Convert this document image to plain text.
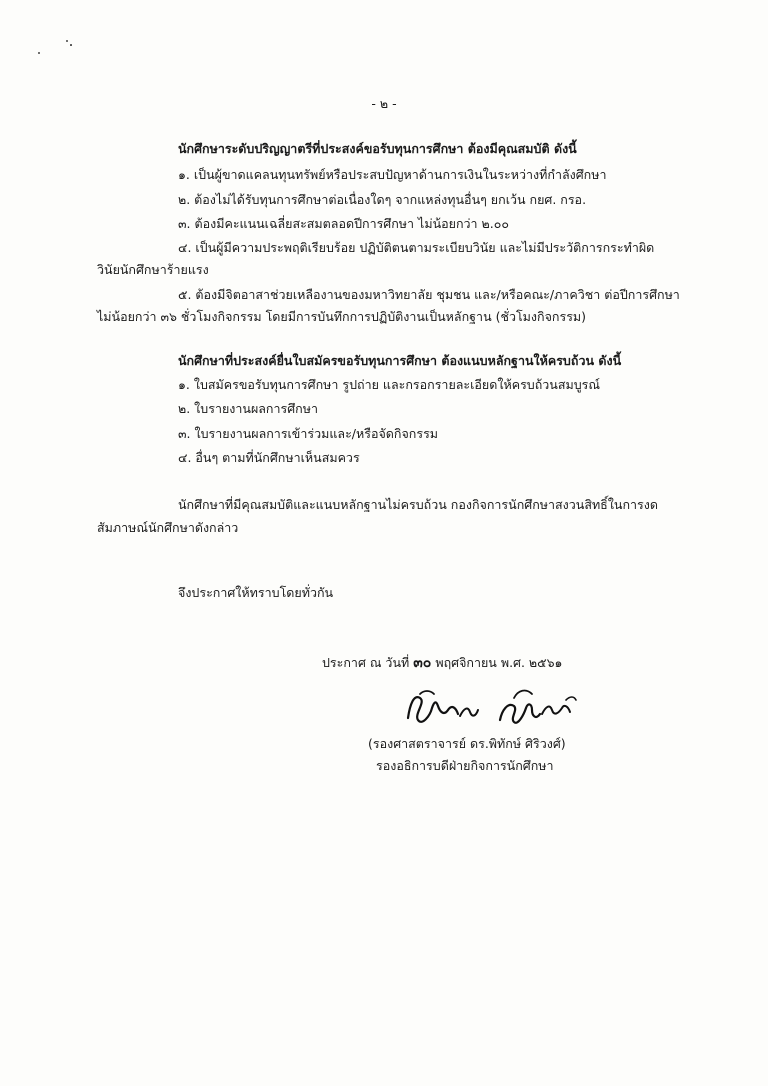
- ๒ -
นักศึกษาระดับปริญญาตรีที่ประสงค์ขอรับทุนการศึกษา ต้องมีคุณสมบัติ ดังนี้
๑. เป็นผู้ขาดแคลนทุนทรัพย์หรือประสบปัญหาด้านการเงินในระหว่างที่กำลังศึกษา
๒. ต้องไม่ได้รับทุนการศึกษาต่อเนื่องใดๆ จากแหล่งทุนอื่นๆ ยกเว้น กยศ. กรอ.
๓. ต้องมีคะแนนเฉลี่ยสะสมตลอดปีการศึกษา ไม่น้อยกว่า ๒.๐๐
๔. เป็นผู้มีความประพฤติเรียบร้อย ปฏิบัติตนตามระเบียบวินัย และไม่มีประวัติการกระทำผิด
วินัยนักศึกษาร้ายแรง
๕. ต้องมีจิตอาสาช่วยเหลืองานของมหาวิทยาลัย ชุมชน และ/หรือคณะ/ภาควิชา ต่อปีการศึกษา
ไม่น้อยกว่า ๓๖ ชั่วโมงกิจกรรม โดยมีการบันทึกการปฏิบัติงานเป็นหลักฐาน (ชั่วโมงกิจกรรม)
นักศึกษาที่ประสงค์ยื่นใบสมัครขอรับทุนการศึกษา ต้องแนบหลักฐานให้ครบถ้วน ดังนี้
๑. ใบสมัครขอรับทุนการศึกษา รูปถ่าย และกรอกรายละเอียดให้ครบถ้วนสมบูรณ์
๒. ใบรายงานผลการศึกษา
๓. ใบรายงานผลการเข้าร่วมและ/หรือจัดกิจกรรม
๔. อื่นๆ ตามที่นักศึกษาเห็นสมควร
นักศึกษาที่มีคุณสมบัติและแนบหลักฐานไม่ครบถ้วน กองกิจการนักศึกษาสงวนสิทธิ์ในการงด
สัมภาษณ์นักศึกษาดังกล่าว
จึงประกาศให้ทราบโดยทั่วกัน
ประกาศ ณ วันที่ ๓๐ พฤศจิกายน พ.ศ. ๒๕๖๑
(รองศาสตราจารย์ ดร.พิทักษ์ ศิริวงศ์)
รองอธิการบดีฝ่ายกิจการนักศึกษา
